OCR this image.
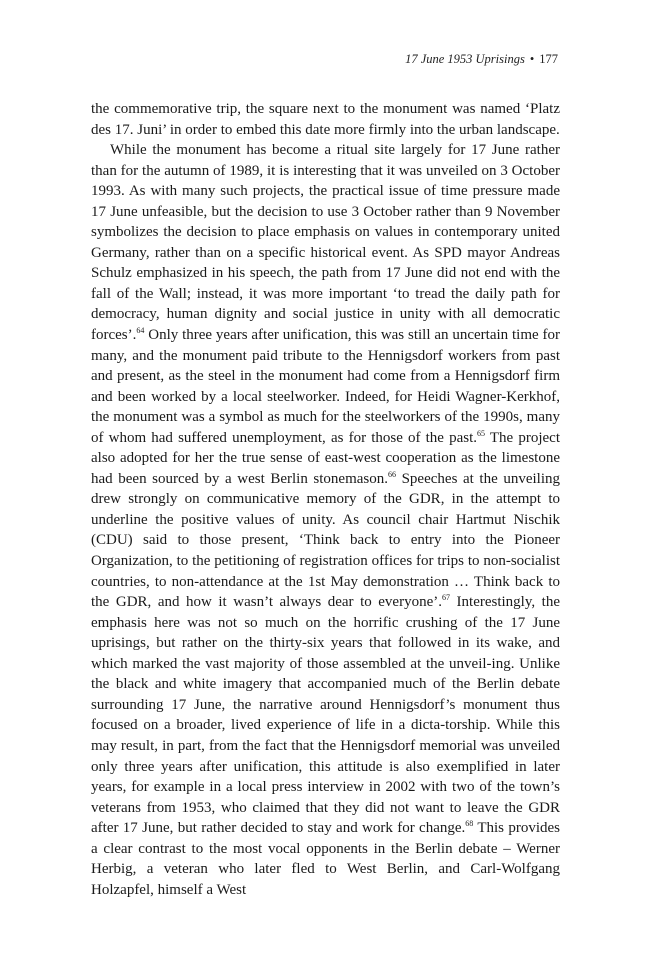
17 June 1953 Uprisings • 177

the commemorative trip, the square next to the monument was named ‘Platz des 17. Juni’ in order to embed this date more firmly into the urban landscape.

While the monument has become a ritual site largely for 17 June rather than for the autumn of 1989, it is interesting that it was unveiled on 3 October 1993. As with many such projects, the practical issue of time pressure made 17 June unfeasible, but the decision to use 3 October rather than 9 November symbolizes the decision to place emphasis on values in contemporary united Germany, rather than on a specific historical event. As SPD mayor Andreas Schulz emphasized in his speech, the path from 17 June did not end with the fall of the Wall; instead, it was more important ‘to tread the daily path for democracy, human dignity and social justice in unity with all democratic forces’.$^{64}$ Only three years after unification, this was still an uncertain time for many, and the monument paid tribute to the Hennigsdorf workers from past and present, as the steel in the monument had come from a Hennigsdorf firm and been worked by a local steelworker. Indeed, for Heidi Wagner-Kerkhof, the monument was a symbol as much for the steelworkers of the 1990s, many of whom had suffered unemployment, as for those of the past.$^{65}$ The project also adopted for her the true sense of east-west cooperation as the limestone had been sourced by a west Berlin stonemason.$^{66}$ Speeches at the unveiling drew strongly on communicative memory of the GDR, in the attempt to underline the positive values of unity. As council chair Hartmut Nischik (CDU) said to those present, ‘Think back to entry into the Pioneer Organization, to the petitioning of registration offices for trips to non-socialist countries, to non-attendance at the 1st May demonstration … Think back to the GDR, and how it wasn’t always dear to everyone’.$^{67}$ Interestingly, the emphasis here was not so much on the horrific crushing of the 17 June uprisings, but rather on the thirty-six years that followed in its wake, and which marked the vast majority of those assembled at the unveil-ing. Unlike the black and white imagery that accompanied much of the Berlin debate surrounding 17 June, the narrative around Hennigsdorf’s monument thus focused on a broader, lived experience of life in a dicta-torship. While this may result, in part, from the fact that the Hennigsdorf memorial was unveiled only three years after unification, this attitude is also exemplified in later years, for example in a local press interview in 2002 with two of the town’s veterans from 1953, who claimed that they did not want to leave the GDR after 17 June, but rather decided to stay and work for change.$^{68}$ This provides a clear contrast to the most vocal opponents in the Berlin debate – Werner Herbig, a veteran who later fled to West Berlin, and Carl-Wolfgang Holzapfel, himself a West
